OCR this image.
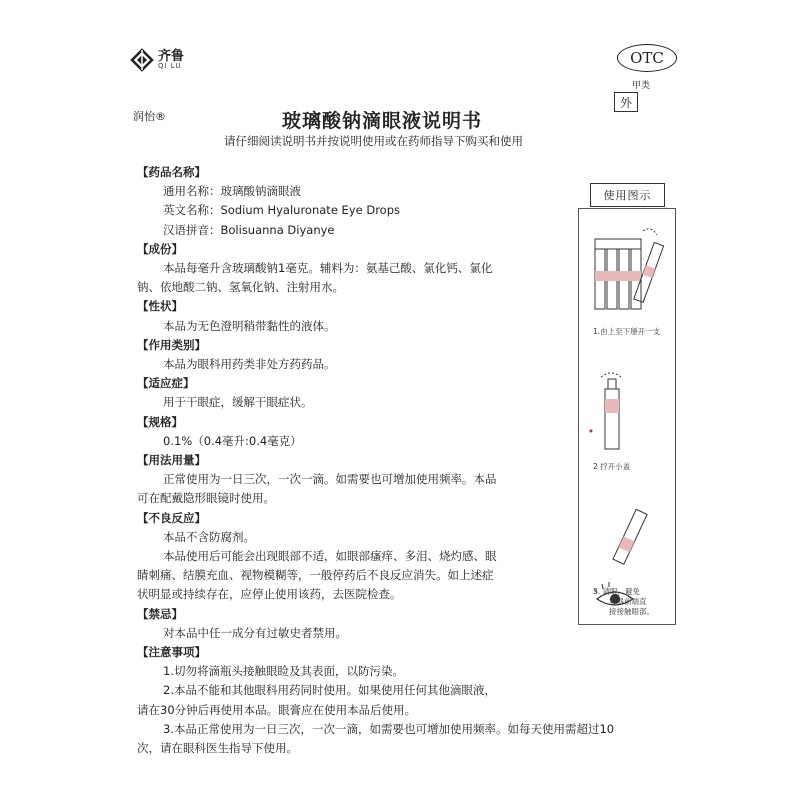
齐鲁
QI LU	OTC
甲类
外
润怡®	玻璃酸钠滴眼液说明书
请仔细阅读说明书并按说明使用或在药师指导下购买和使用
【药品名称】
通用名称：玻璃酸钠滴眼液
英文名称：Sodium Hyaluronate Eye Drops
汉语拼音：Bolisuanna Diyanye
【成份】
本品每毫升含玻璃酸钠1毫克。辅料为：氨基己酸、氯化钙、氯化
钠、依地酸二钠、氢氧化钠、注射用水。
【性状】
本品为无色澄明稍带黏性的液体。
【作用类别】
本品为眼科用药类非处方药药品。
【适应症】
用于干眼症，缓解干眼症状。
【规格】
0.1%（0.4毫升:0.4毫克）
【用法用量】
正常使用为一日三次，一次一滴。如需要也可增加使用频率。本品
可在配戴隐形眼镜时使用。
【不良反应】
本品不含防腐剂。
本品使用后可能会出现眼部不适，如眼部瘙痒、多泪、烧灼感、眼
睛刺痛、结膜充血、视物模糊等，一般停药后不良反应消失。如上述症
状明显或持续存在，应停止使用该药，去医院检查。
【禁忌】
对本品中任一成分有过敏史者禁用。
【注意事项】
1.切勿将滴瓶头接触眼睑及其表面，以防污染。
2.本品不能和其他眼科用药同时使用。如果使用任何其他滴眼液，
请在30分钟后再使用本品。眼膏应在使用本品后使用。
3.本品正常使用为一日三次，一次一滴，如需要也可增加使用频率。如每天使用需超过10
次，请在眼科医生指导下使用。
1.由上至下掰开一支
2 拧开小盖
3. 请眼，避免
容器前端直
接接触眼部。
使用图示
